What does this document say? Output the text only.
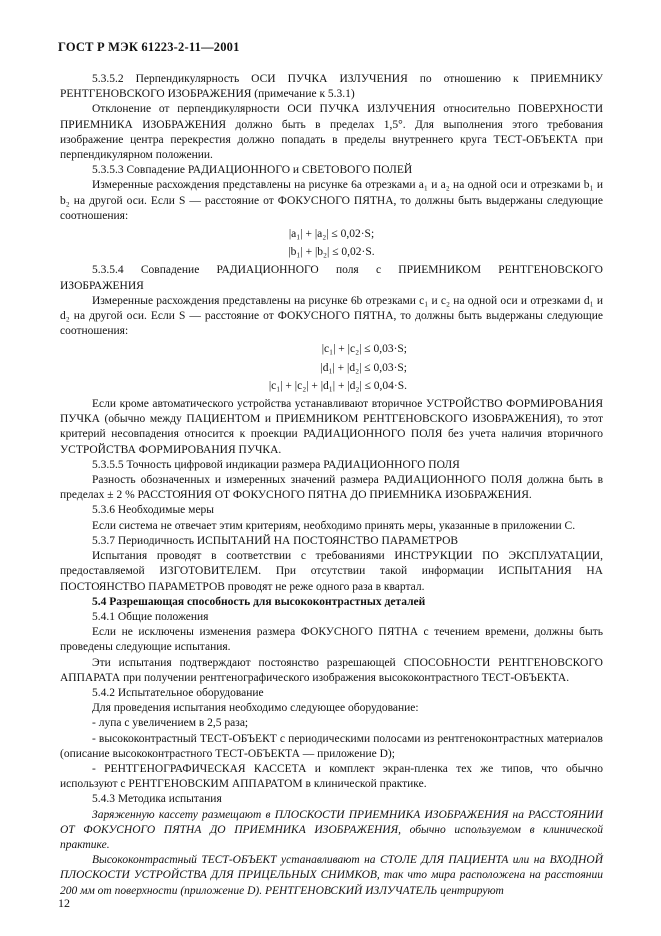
ГОСТ Р МЭК 61223-2-11—2001

5.3.5.2 Перпендикулярность ОСИ ПУЧКА ИЗЛУЧЕНИЯ по отношению к ПРИЕМНИКУ РЕНТГЕНОВСКОГО ИЗОБРАЖЕНИЯ (примечание к 5.3.1)

Отклонение от перпендикулярности ОСИ ПУЧКА ИЗЛУЧЕНИЯ относительно ПОВЕРХНОСТИ ПРИЕМНИКА ИЗОБРАЖЕНИЯ должно быть в пределах 1,5°. Для выполнения этого требования изображение центра перекрестия должно попадать в пределы внутреннего круга ТЕСТ-ОБЪЕКТА при перпендикулярном положении.

5.3.5.3 Совпадение РАДИАЦИОННОГО и СВЕТОВОГО ПОЛЕЙ

Измеренные расхождения представлены на рисунке 6а отрезками a₁ и a₂ на одной оси и отрезками b₁ и b₂ на другой оси. Если S — расстояние от ФОКУСНОГО ПЯТНА, то должны быть выдержаны следующие соотношения:

|a₁| + |a₂| ≤ 0,02·S;

|b₁| + |b₂| ≤ 0,02·S.

5.3.5.4 Совпадение РАДИАЦИОННОГО поля с ПРИЕМНИКОМ РЕНТГЕНОВСКОГО ИЗОБРАЖЕНИЯ

Измеренные расхождения представлены на рисунке 6b отрезками c₁ и c₂ на одной оси и отрезками d₁ и d₂ на другой оси. Если S — расстояние от ФОКУСНОГО ПЯТНА, то должны быть выдержаны следующие соотношения:

|c₁| + |c₂| ≤ 0,03·S;

|d₁| + |d₂| ≤ 0,03·S;

|c₁| + |c₂| + |d₁| + |d₂| ≤ 0,04·S.

Если кроме автоматического устройства устанавливают вторичное УСТРОЙСТВО ФОРМИРОВАНИЯ ПУЧКА (обычно между ПАЦИЕНТОМ и ПРИЕМНИКОМ РЕНТГЕНОВСКОГО ИЗОБРАЖЕНИЯ), то этот критерий несовпадения относится к проекции РАДИАЦИОННОГО ПОЛЯ без учета наличия вторичного УСТРОЙСТВА ФОРМИРОВАНИЯ ПУЧКА.

5.3.5.5 Точность цифровой индикации размера РАДИАЦИОННОГО ПОЛЯ

Разность обозначенных и измеренных значений размера РАДИАЦИОННОГО ПОЛЯ должна быть в пределах ± 2 % РАССТОЯНИЯ ОТ ФОКУСНОГО ПЯТНА ДО ПРИЕМНИКА ИЗОБРАЖЕНИЯ.

5.3.6 Необходимые меры

Если система не отвечает этим критериям, необходимо принять меры, указанные в приложении C.

5.3.7 Периодичность ИСПЫТАНИЙ НА ПОСТОЯНСТВО ПАРАМЕТРОВ

Испытания проводят в соответствии с требованиями ИНСТРУКЦИИ ПО ЭКСПЛУАТАЦИИ, предоставляемой ИЗГОТОВИТЕЛЕМ. При отсутствии такой информации ИСПЫТАНИЯ НА ПОСТОЯНСТВО ПАРАМЕТРОВ проводят не реже одного раза в квартал.

5.4 Разрешающая способность для высококонтрастных деталей

5.4.1 Общие положения

Если не исключены изменения размера ФОКУСНОГО ПЯТНА с течением времени, должны быть проведены следующие испытания.

Эти испытания подтверждают постоянство разрешающей СПОСОБНОСТИ РЕНТГЕНОВСКОГО АППАРАТА при получении рентгенографического изображения высококонтрастного ТЕСТ-ОБЪЕКТА.

5.4.2 Испытательное оборудование

Для проведения испытания необходимо следующее оборудование:

- лупа с увеличением в 2,5 раза;

- высококонтрастный ТЕСТ-ОБЪЕКТ с периодическими полосами из рентгеноконтрастных материалов (описание высококонтрастного ТЕСТ-ОБЪЕКТА — приложение D);

- РЕНТГЕНОГРАФИЧЕСКАЯ КАССЕТА и комплект экран-пленка тех же типов, что обычно используют с РЕНТГЕНОВСКИМ АППАРАТОМ в клинической практике.

5.4.3 Методика испытания

Заряженную кассету размещают в ПЛОСКОСТИ ПРИЕМНИКА ИЗОБРАЖЕНИЯ на РАССТОЯНИИ ОТ ФОКУСНОГО ПЯТНА ДО ПРИЕМНИКА ИЗОБРАЖЕНИЯ, обычно используемом в клинической практике.

Высококонтрастный ТЕСТ-ОБЪЕКТ устанавливают на СТОЛЕ ДЛЯ ПАЦИЕНТА или на ВХОДНОЙ ПЛОСКОСТИ УСТРОЙСТВА ДЛЯ ПРИЦЕЛЬНЫХ СНИМКОВ, так что мира расположена на расстоянии 200 мм от поверхности (приложение D). РЕНТГЕНОВСКИЙ ИЗЛУЧАТЕЛЬ центрируют

12
